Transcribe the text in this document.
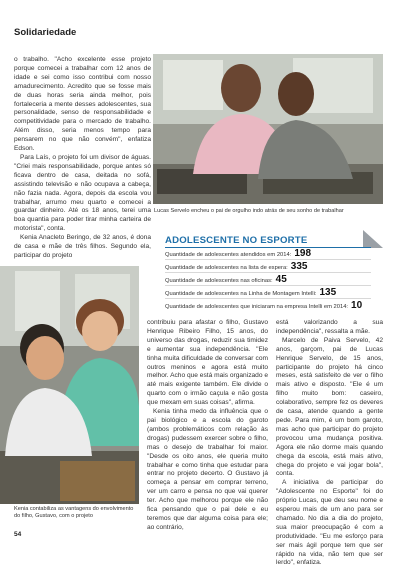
Solidariedade

o trabalho. "Acho excelente esse projeto porque comecei a trabalhar com 12 anos de idade e sei como isso contribui com nosso amadurecimento. Acredito que se fosse mais de duas horas seria ainda melhor, pois fortaleceria a mente desses adolescentes, sua personalidade, senso de responsabilidade e competitividade para o mercado de trabalho. Além disso, seria menos tempo para pensarem no que não convém", enfatiza Edson.

Para Laís, o projeto foi um divisor de águas. "Criei mais responsabilidade, porque antes só ficava dentro de casa, deitada no sofá, assistindo televisão e não ocupava a cabeça, não fazia nada. Agora, depois da escola vou trabalhar, arrumo meu quarto e comecei a guardar dinheiro. Até os 18 anos, terei uma boa quantia para poder tirar minha carteira de motorista", conta.

Kenia Anacleto Beringo, de 32 anos, é dona de casa e mãe de três filhos. Segundo ela, participar do projeto

Lucas Servelo encheu o pai de orgulho indo atrás de seu sonho de trabalhar
ADOLESCENTE NO ESPORTE
Quantidade de adolescentes atendidos em 2014: 198
Quantidade de adolescentes na lista de espera: 335
Quantidade de adolescentes nas oficinas: 45
Quantidade de adolescentes na Linha de Montagem Intelli: 135
Quantidade de adolescentes que iniciaram na empresa Intelli em 2014: 10
Kenia contabiliza as vantagens do envolvimento do filho, Gustavo, com o projeto

contribuiu para afastar o filho, Gustavo Henrique Ribeiro Filho, 15 anos, do universo das drogas, reduzir sua timidez e aumentar sua independência. "Ele tinha muita dificuldade de conversar com outros meninos e agora está muito melhor. Acho que está mais organizado e até mais exigente também. Ele divide o quarto com o irmão caçula e não gosta que mexam em suas coisas", afirma.

Kenia tinha medo da influência que o pai biológico e a escola do garoto (ambos problemáticos com relação às drogas) pudessem exercer sobre o filho, mas o desejo de trabalhar foi maior. "Desde os oito anos, ele queria muito trabalhar e como tinha que estudar para entrar no projeto decerto. O Gustavo já começa a pensar em comprar terreno, ver um carro e pensa no que vai querer ter. Acho que melhorou porque ele não fica pensando que o pai dele e eu teremos que dar alguma coisa para ele; ao contrário,

está valorizando a sua independência", ressalta a mãe.

Marcelo de Paiva Servelo, 42 anos, garçom, pai de Lucas Henrique Servelo, de 15 anos, participante do projeto há cinco meses, está satisfeito de ver o filho mais ativo e disposto. "Ele é um filho muito bom: caseiro, colaborativo, sempre fez os deveres de casa, atende quando a gente pede. Para mim, é um bom garoto, mas acho que participar do projeto provocou uma mudança positiva. Agora ele não dorme mais quando chega da escola, está mais ativo, chega do projeto e vai jogar bola", conta.

A iniciativa de participar do "Adolescente no Esporte" foi do próprio Lucas, que deu seu nome e esperou mais de um ano para ser chamado. No dia a dia do projeto, sua maior preocupação é com a produtividade. "Eu me esforço para ser mais ágil porque tem que ser rápido na vida, não tem que ser lerdo", enfatiza.

54
